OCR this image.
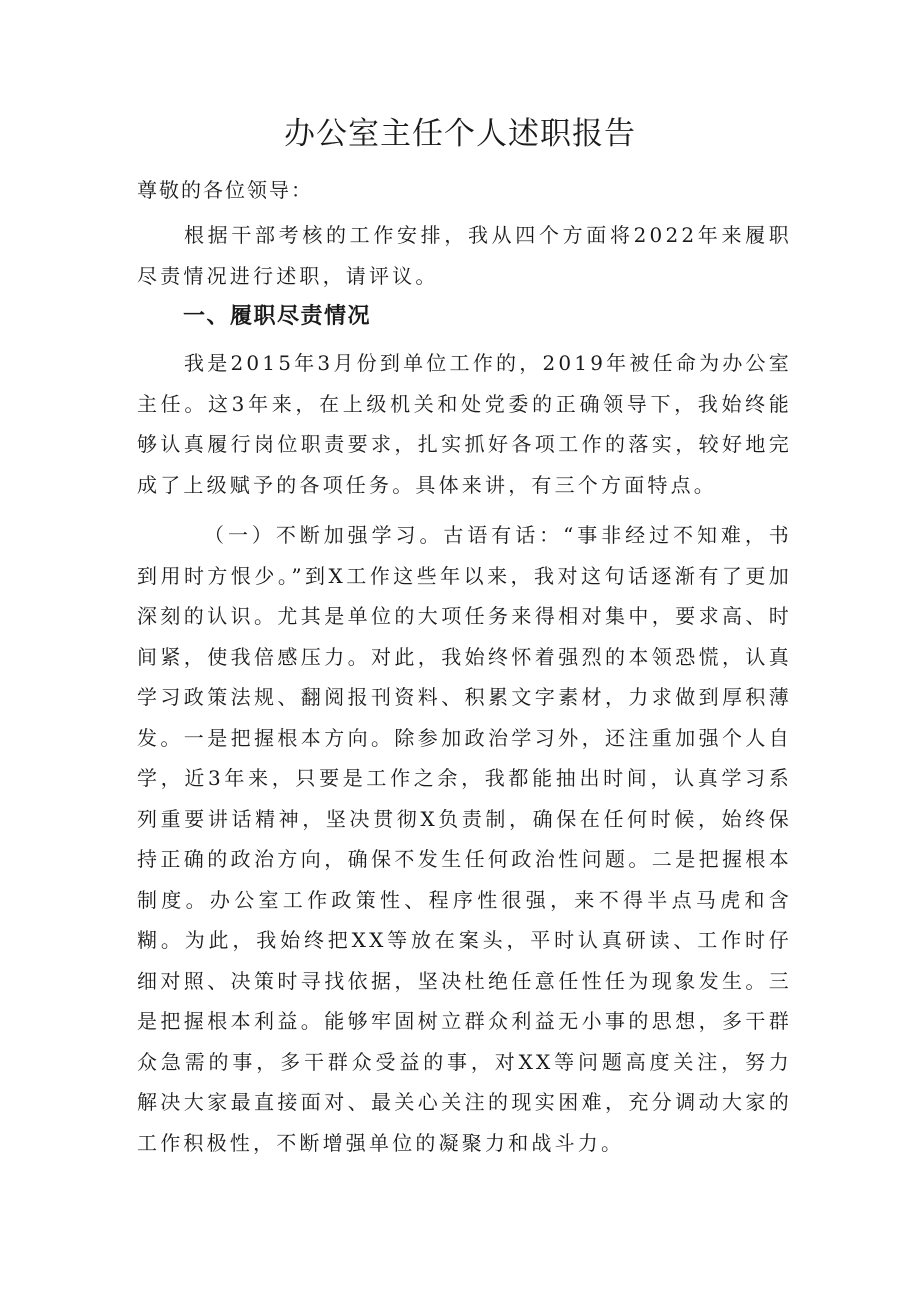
办公室主任个人述职报告

尊敬的各位领导：

根据干部考核的工作安排，我从四个方面将2022年来履职尽责情况进行述职，请评议。

一、履职尽责情况

我是2015年3月份到单位工作的，2019年被任命为办公室主任。这3年来，在上级机关和处党委的正确领导下，我始终能够认真履行岗位职责要求，扎实抓好各项工作的落实，较好地完成了上级赋予的各项任务。具体来讲，有三个方面特点。

（一）不断加强学习。古语有话：“事非经过不知难，书到用时方恨少。”到X工作这些年以来，我对这句话逐渐有了更加深刻的认识。尤其是单位的大项任务来得相对集中，要求高、时间紧，使我倍感压力。对此，我始终怀着强烈的本领恐慌，认真学习政策法规、翻阅报刊资料、积累文字素材，力求做到厚积薄发。一是把握根本方向。除参加政治学习外，还注重加强个人自学，近3年来，只要是工作之余，我都能抽出时间，认真学习系列重要讲话精神，坚决贯彻X负责制，确保在任何时候，始终保持正确的政治方向，确保不发生任何政治性问题。二是把握根本制度。办公室工作政策性、程序性很强，来不得半点马虎和含糊。为此，我始终把XX等放在案头，平时认真研读、工作时仔细对照、决策时寻找依据，坚决杜绝任意任性任为现象发生。三是把握根本利益。能够牢固树立群众利益无小事的思想，多干群众急需的事，多干群众受益的事，对XX等问题高度关注，努力解决大家最直接面对、最关心关注的现实困难，充分调动大家的工作积极性，不断增强单位的凝聚力和战斗力。
